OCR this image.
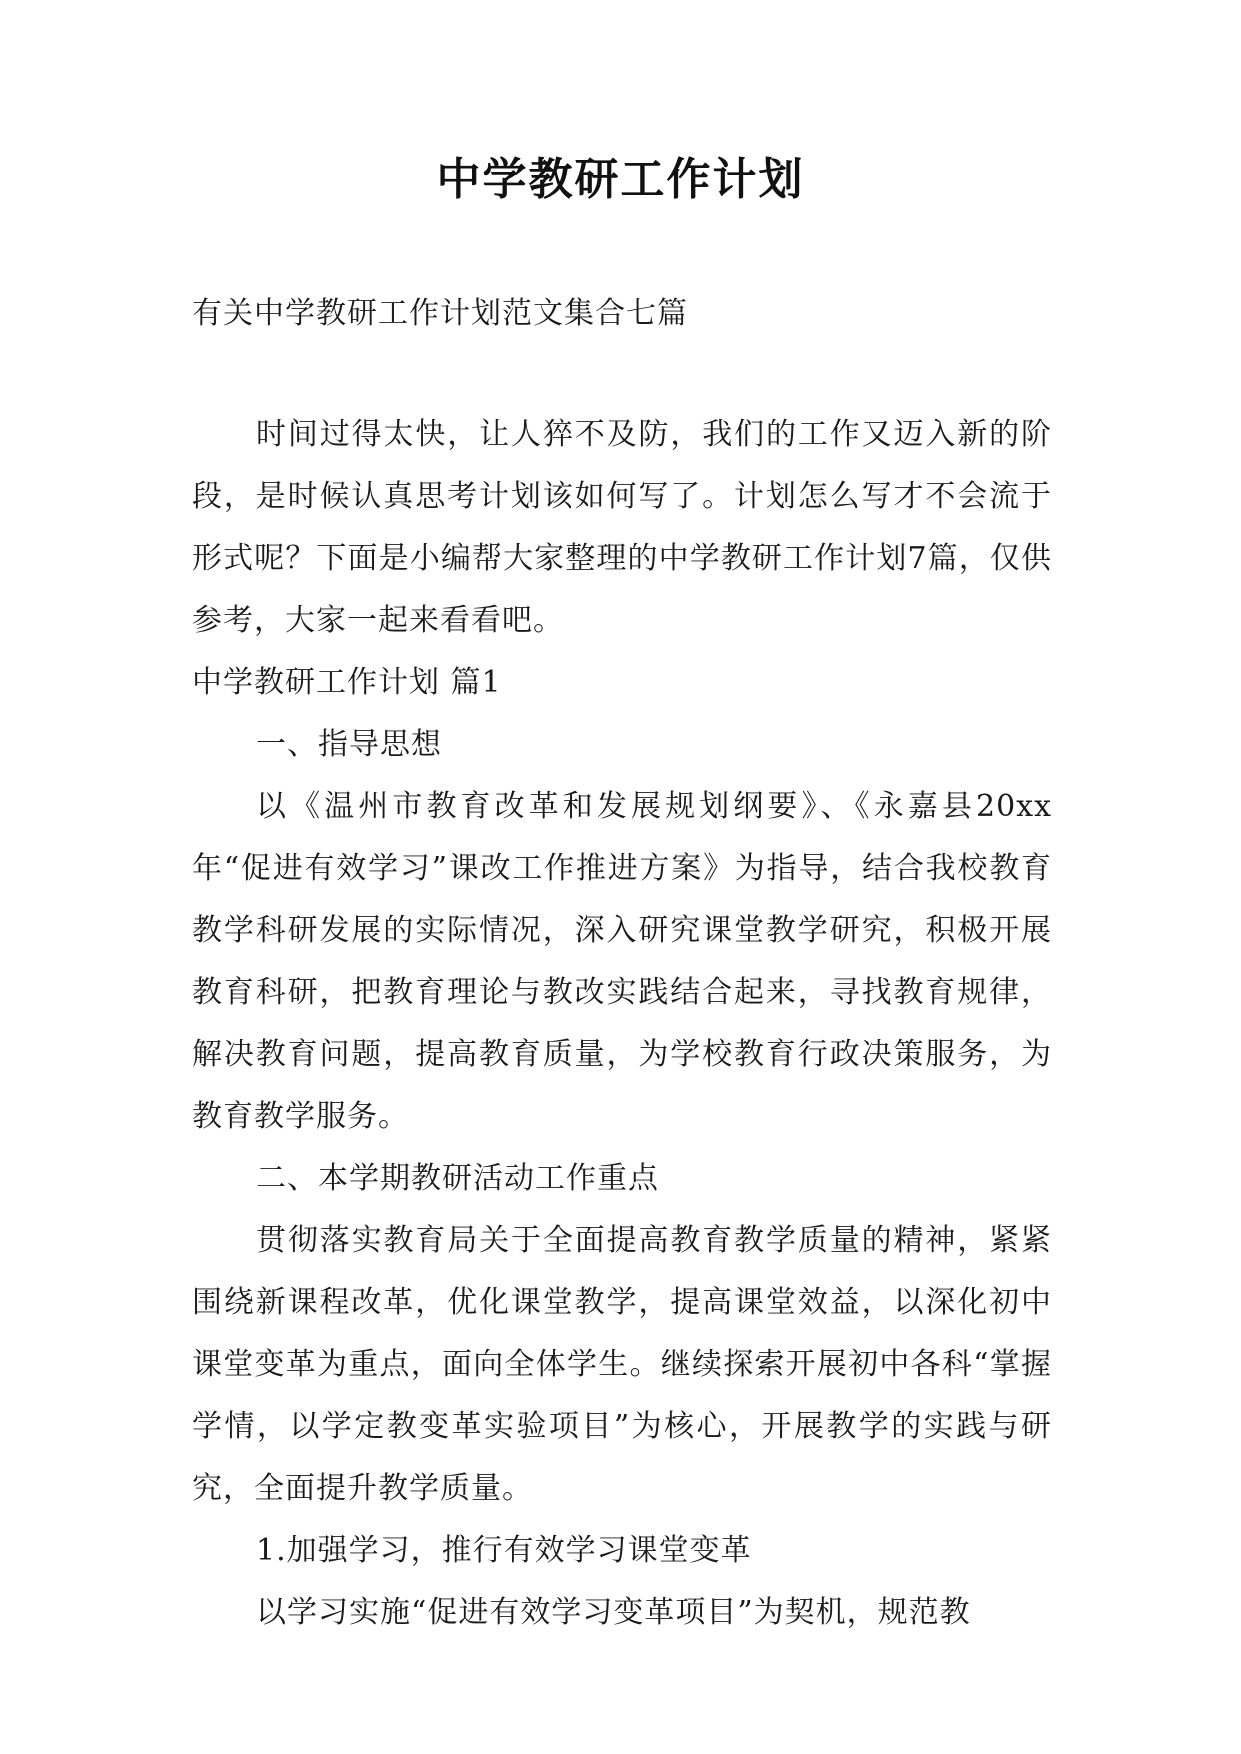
中学教研工作计划
有关中学教研工作计划范文集合七篇

时间过得太快，让人猝不及防，我们的工作又迈入新的阶段，是时候认真思考计划该如何写了。计划怎么写才不会流于形式呢？下面是小编帮大家整理的中学教研工作计划7篇，仅供参考，大家一起来看看吧。

中学教研工作计划 篇1

一、指导思想

以《温州市教育改革和发展规划纲要》、《永嘉县20xx年“促进有效学习”课改工作推进方案》为指导，结合我校教育教学科研发展的实际情况，深入研究课堂教学研究，积极开展教育科研，把教育理论与教改实践结合起来，寻找教育规律，解决教育问题，提高教育质量，为学校教育行政决策服务，为教育教学服务。

二、本学期教研活动工作重点

贯彻落实教育局关于全面提高教育教学质量的精神，紧紧围绕新课程改革，优化课堂教学，提高课堂效益，以深化初中课堂变革为重点，面向全体学生。继续探索开展初中各科“掌握学情，以学定教变革实验项目”为核心，开展教学的实践与研究，全面提升教学质量。

1.加强学习，推行有效学习课堂变革

以学习实施“促进有效学习变革项目”为契机，规范教
